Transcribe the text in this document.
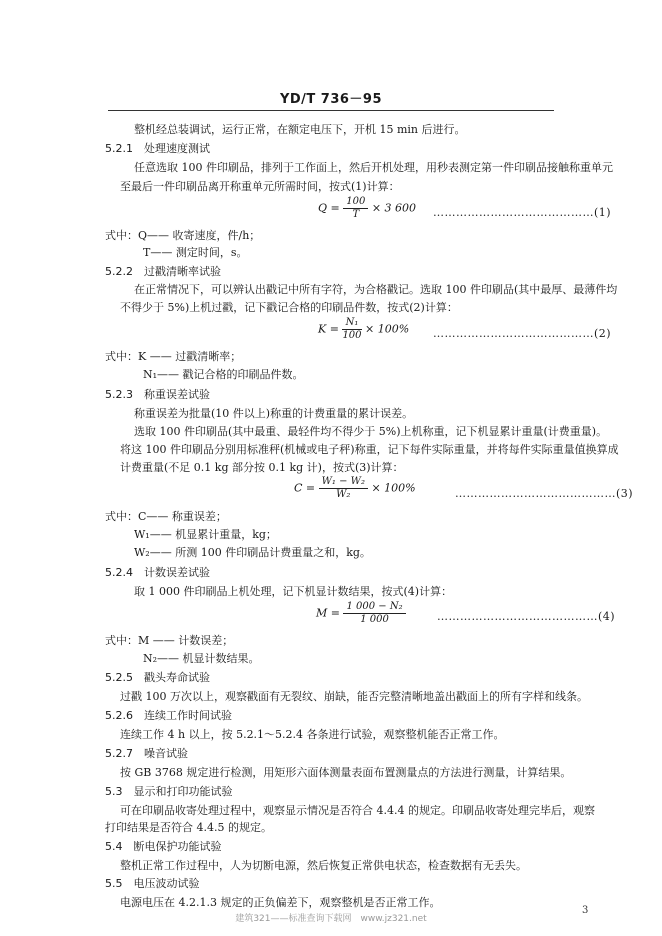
YD/T 736－95
整机经总装调试，运行正常，在额定电压下，开机 15 min 后进行。
5.2.1　处理速度测试
任意选取 100 件印刷品，排列于工作面上，然后开机处理，用秒表测定第一件印刷品接触称重单元
至最后一件印刷品离开称重单元所需时间，按式(1)计算：
$Q = \frac{100}{T} \times 3$ 600 ……………………………………(1)
式中：Q—— 收寄速度，件/h；
T—— 测定时间，s。
5.2.2　过戳清晰率试验
在正常情况下，可以辨认出戳记中所有字符，为合格戳记。选取 100 件印刷品(其中最厚、最薄件均
不得少于 5%)上机过戳，记下戳记合格的印刷品件数，按式(2)计算：
$K = \frac{\text{N₁}}{100} \times 100\%$ ……………………………………(2)
式中：K —— 过戳清晰率；
N₁—— 戳记合格的印刷品件数。
5.2.3　称重误差试验
称重误差为批量(10 件以上)称重的计费重量的累计误差。
选取 100 件印刷品(其中最重、最轻件均不得少于 5%)上机称重，记下机显累计重量(计费重量)。
将这 100 件印刷品分别用标准秤(机械或电子秤)称重，记下每件实际重量，并将每件实际重量值换算成
计费重量(不足 0.1 kg 部分按 0.1 kg 计)，按式(3)计算：
$C = \frac{\text{W₁ − W₂}}{\text{W₂}} \times 100\%$	……………………………………(3)
式中：C—— 称重误差；
W₁—— 机显累计重量，kg；
W₂—— 所测 100 件印刷品计费重量之和，kg。
5.2.4　计数误差试验
取 1 000 件印刷品上机处理，记下机显计数结果，按式(4)计算：
$M = \frac{\text{1 000 − N₂}}{1 000}$	……………………………………(4)
式中：M —— 计数误差；
N₂—— 机显计数结果。
5.2.5　戳头寿命试验
过戳 100 万次以上，观察戳面有无裂纹、崩缺，能否完整清晰地盖出戳面上的所有字样和线条。
5.2.6　连续工作时间试验
连续工作 4 h 以上，按 5.2.1～5.2.4 各条进行试验，观察整机能否正常工作。
5.2.7　噪音试验
按 GB 3768 规定进行检测，用矩形六面体测量表面布置测量点的方法进行测量，计算结果。
5.3　显示和打印功能试验
可在印刷品收寄处理过程中，观察显示情况是否符合 4.4.4 的规定。印刷品收寄处理完毕后，观察
打印结果是否符合 4.4.5 的规定。
5.4　断电保护功能试验
整机正常工作过程中，人为切断电源，然后恢复正常供电状态，检查数据有无丢失。
5.5　电压波动试验
电源电压在 4.2.1.3 规定的正负偏差下，观察整机是否正常工作。
建筑321——标准查询下载网　www.jz321.net
3
